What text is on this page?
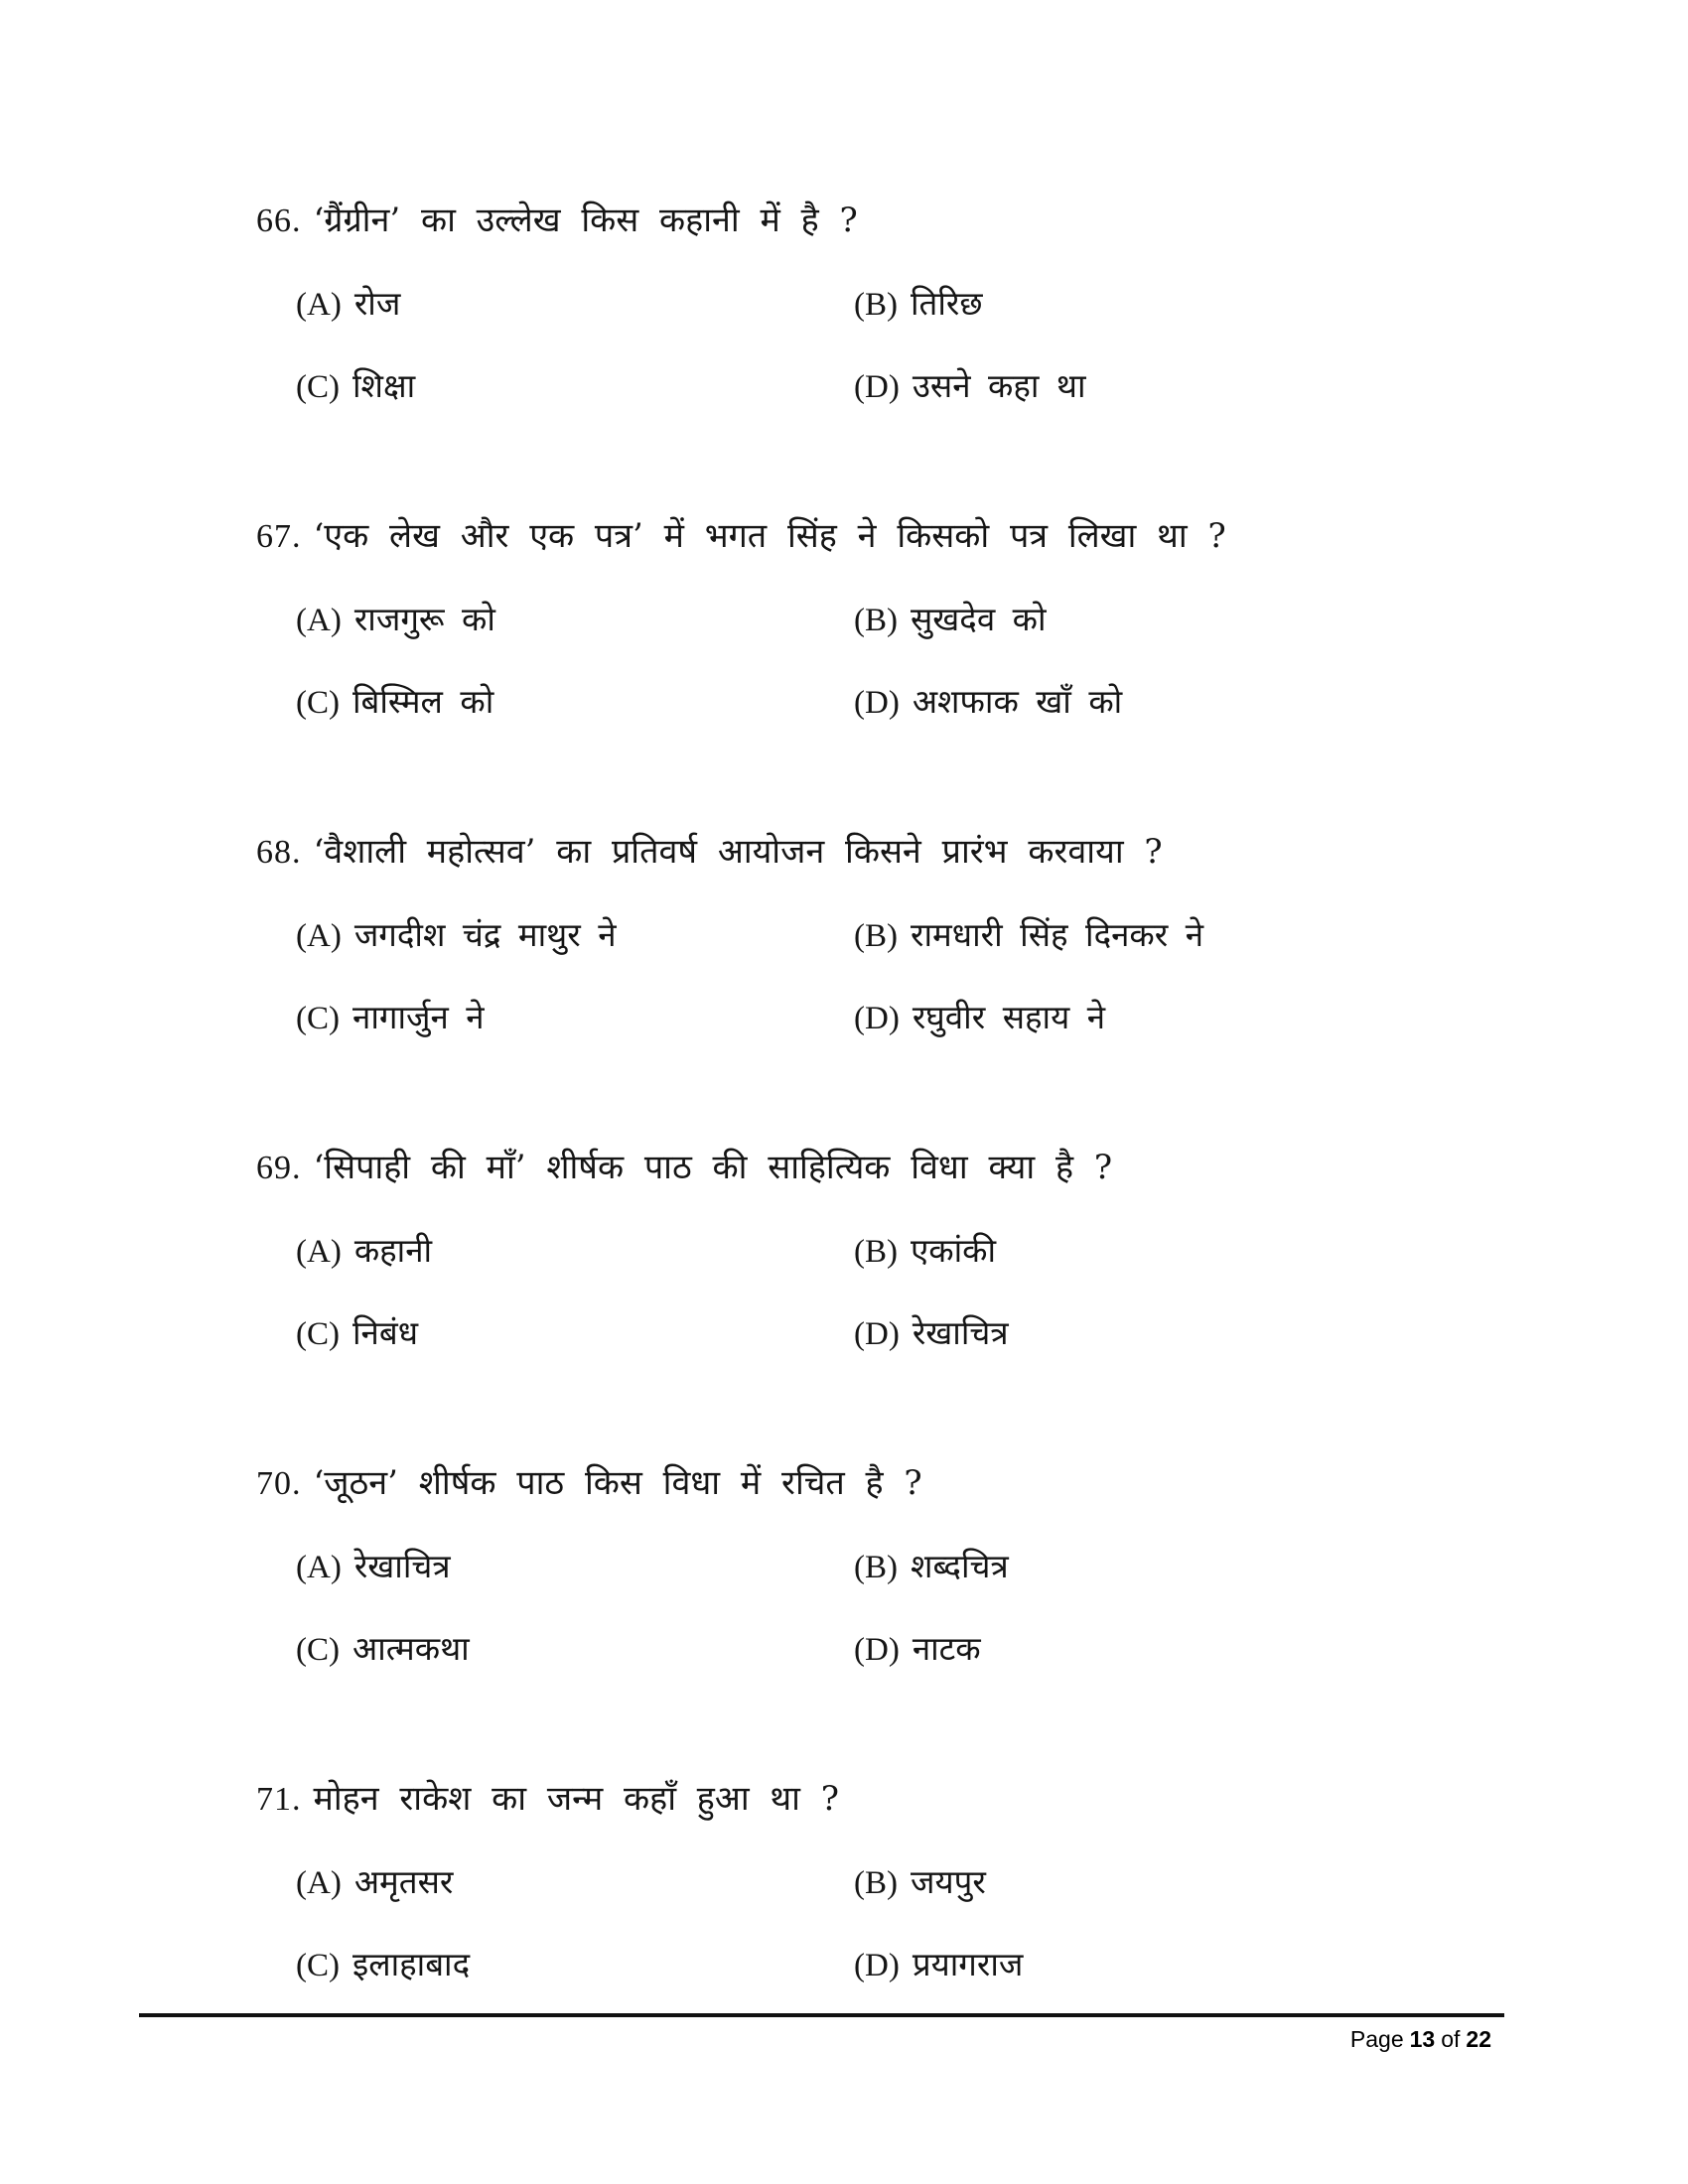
66. ‘ग्रैंग्रीन’ का उल्लेख किस कहानी में है ?
(A) रोज	(B) तिरिछ
(C) शिक्षा	(D) उसने कहा था
67. ‘एक लेख और एक पत्र’ में भगत सिंह ने किसको पत्र लिखा था ?
(A) राजगुरू को	(B) सुखदेव को
(C) बिस्मिल को	(D) अशफाक खाँ को
68. ‘वैशाली महोत्सव’ का प्रतिवर्ष आयोजन किसने प्रारंभ करवाया ?
(A) जगदीश चंद्र माथुर ने	(B) रामधारी सिंह दिनकर ने
(C) नागार्जुन ने	(D) रघुवीर सहाय ने
69. ‘सिपाही की माँ’ शीर्षक पाठ की साहित्यिक विधा क्या है ?
(A) कहानी	(B) एकांकी
(C) निबंध	(D) रेखाचित्र
70. ‘जूठन’ शीर्षक पाठ किस विधा में रचित है ?
(A) रेखाचित्र	(B) शब्दचित्र
(C) आत्मकथा	(D) नाटक
71. मोहन राकेश का जन्म कहाँ हुआ था ?
(A) अमृतसर	(B) जयपुर
(C) इलाहाबाद	(D) प्रयागराज
Page 13 of 22
